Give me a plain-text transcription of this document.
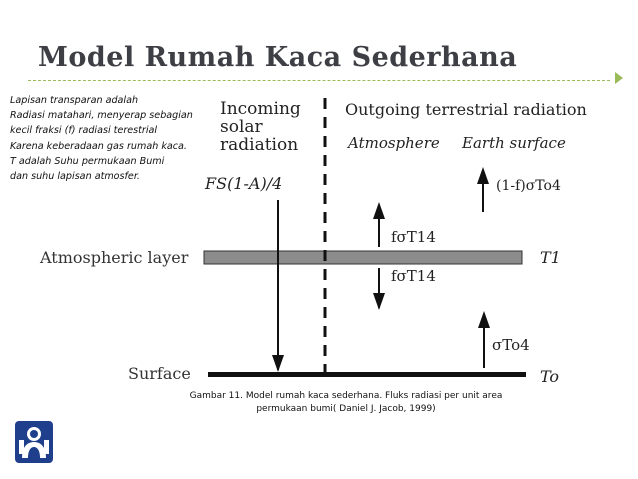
Model Rumah Kaca Sederhana
Lapisan transparan adalah
Radiasi matahari, menyerap sebagian
kecil fraksi (f) radiasi terestrial
Karena keberadaan gas rumah kaca.
T adalah Suhu permukaan Bumi
dan suhu lapisan atmosfer.
Incoming
solar
radiation
Outgoing terrestrial radiation
Atmosphere Earth surface
FS(1-A)/4	(1-f)σTo4
fσT14
fσT14
σTo4
Atmospheric layer	T1
Surface	To
Gambar 11. Model rumah kaca sederhana. Fluks radiasi per unit area
permukaan bumi( Daniel J. Jacob, 1999)
